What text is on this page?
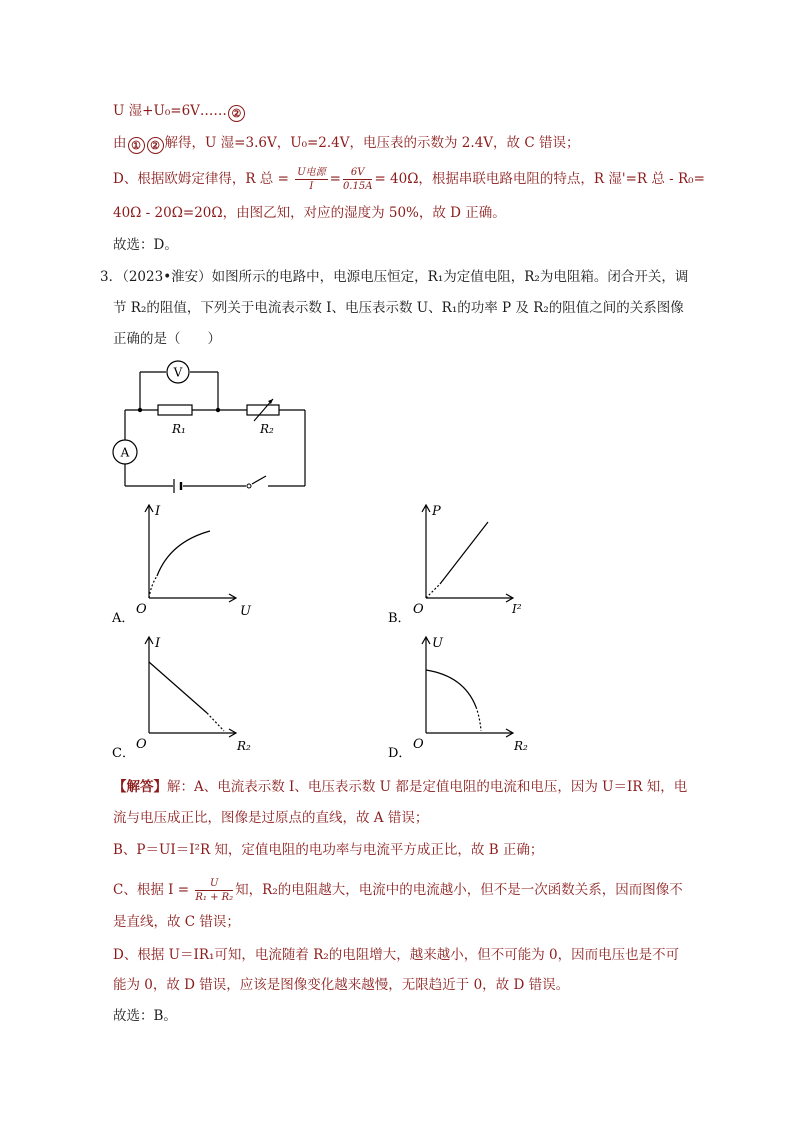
U 湿+U₀=6V…… ②
由 ① ② 解得，U 湿=3.6V，U₀=2.4V，电压表的示数为 2.4V，故 C 错误；
D、根据欧姆定律得，R 总 = $\frac{\text{U电源}}{I} = \frac{6V}{0.15A} = 40\Omega$，根据串联电路电阻的特点，R 湿'=R 总 - R₀=
40Ω - 20Ω=20Ω，由图乙知，对应的湿度为 50%，故 D 正确。
故选：D。
3．（2023•淮安）如图所示的电路中，电源电压恒定，R₁为定值电阻，R₂为电阻箱。闭合开关，调
节 R₂的阻值，下列关于电流表示数 I、电压表示数 U、R₁的功率 P 及 R₂的阻值之间的关系图像
正确的是（　　）
V
A
R₁	R₂
I
U
O
A．
P
I²
O
B．
I
R₂
O
C．
U
R₂
O
D．
【解答】解：A、电流表示数 I、电压表示数 U 都是定值电阻的电流和电压，因为 U＝IR 知，电
流与电压成正比，图像是过原点的直线，故 A 错误；
B、P＝UI＝I²R 知，定值电阻的电功率与电流平方成正比，故 B 正确；
C、根据 $I = \frac{U}{\text{R₁ + R₂}}$ 知，R₂的电阻越大，电流中的电流越小，但不是一次函数关系，因而图像不
是直线，故 C 错误；
D、根据 U＝IR₁可知，电流随着 R₂的电阻增大，越来越小，但不可能为 0，因而电压也是不可
能为 0，故 D 错误，应该是图像变化越来越慢，无限趋近于 0，故 D 错误。
故选：B。
